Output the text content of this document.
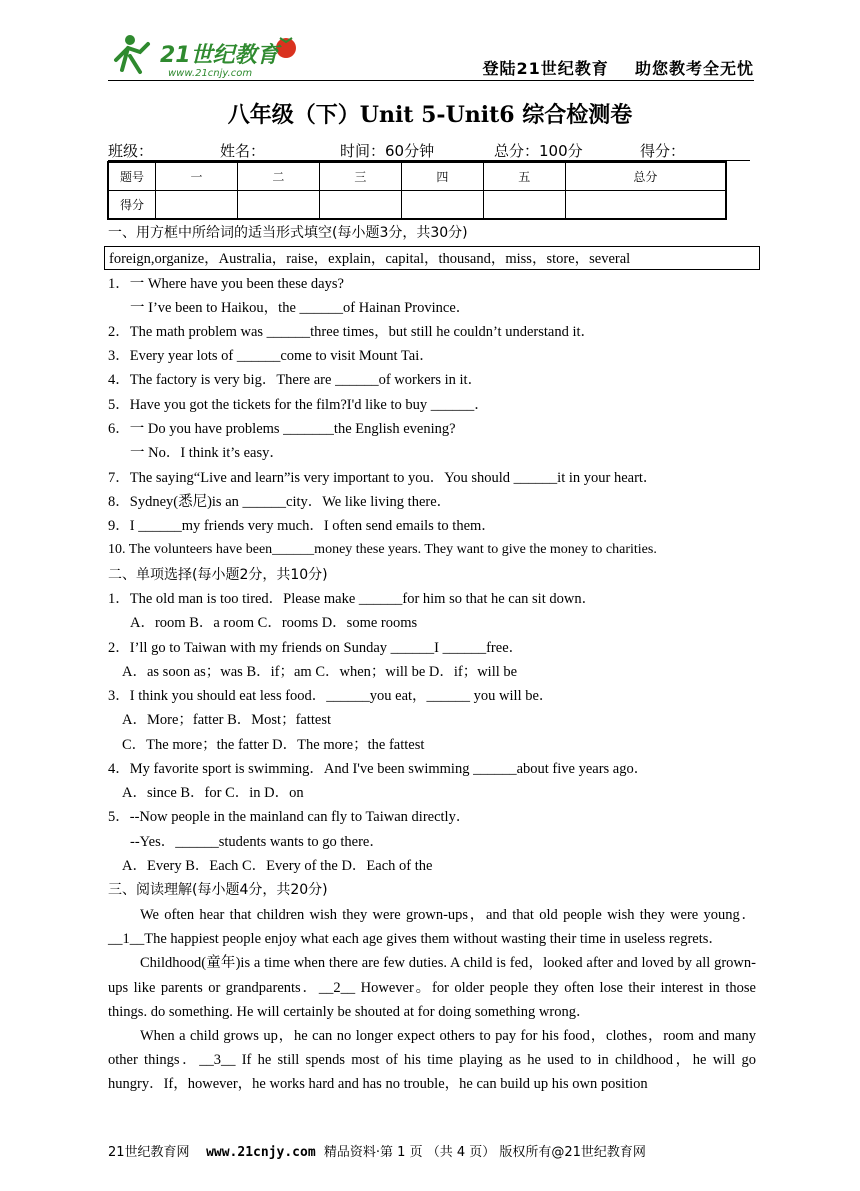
21世纪教育
www.21cnjy.com	登陆21世纪教育    助您教考全无忧
八年级（下）Unit 5-Unit6 综合检测卷
班级：	姓名：	时间：60分钟	总分：100分	得分：
题号	一	二	三	四	五	总分
得分						
一、用方框中所给词的适当形式填空(每小题3分，共30分)
foreign,organize，Australia，raise，explain，capital，thousand，miss，store，several
1．一 Where have you been these days?
一 I’ve been to Haikou，the ______of Hainan Province．
2．The math problem was ______three times，but still he couldn’t understand it．
3．Every year lots of ______come to visit Mount Tai．
4．The factory is very big．There are ______of workers in it．
5．Have you got the tickets for the film?I'd like to buy ______．
6．一 Do you have problems _______the English evening?
一 No．I think it’s easy．
7．The saying“Live and learn”is very important to you．You should ______it in your heart．
8．Sydney(悉尼)is an ______city．We like living there．
9．I ______my friends very much．I often send emails to them．
10. The volunteers have been______money these years. They want to give the money to charities.
二、单项选择(每小题2分，共10分)
1．The old man is too tired．Please make ______for him so that he can sit down．
A．room B．a room C．rooms D．some rooms
2．I’ll go to Taiwan with my friends on Sunday ______I ______free．
A．as soon as；was B．if；am C．when；will be D．if；will be
3．I think you should eat less food．______you eat，______ you will be．
A．More；fatter B．Most；fattest
C．The more；the fatter D．The more；the fattest
4．My favorite sport is swimming．And I've been swimming ______about five years ago．
A．since B．for C．in D．on
5．--Now people in the mainland can fly to Taiwan directly．
--Yes．______students wants to go there．
A．Every B．Each C．Every of the D．Each of the
三、阅读理解(每小题4分，共20分)

We often hear that children wish they were grown-ups，and that old people wish they were young．__1__The happiest people enjoy what each age gives them without wasting their time in useless regrets．

Childhood(童年)is a time when there are few duties. A child is fed，looked after and loved by all grown-ups like parents or grandparents．__2__ However。for older people they often lose their interest in those things. do something. He will certainly be shouted at for doing something wrong．

When a child grows up，he can no longer expect others to pay for his food，clothes，room and many other things．__3__ If he still spends most of his time playing as he used to in childhood，he will go hungry．If，however，he works hard and has no trouble，he can build up his own position

21世纪教育网 www.21cnjy.com 精品资料·第 1 页 （共 4 页） 版权所有@21世纪教育网
